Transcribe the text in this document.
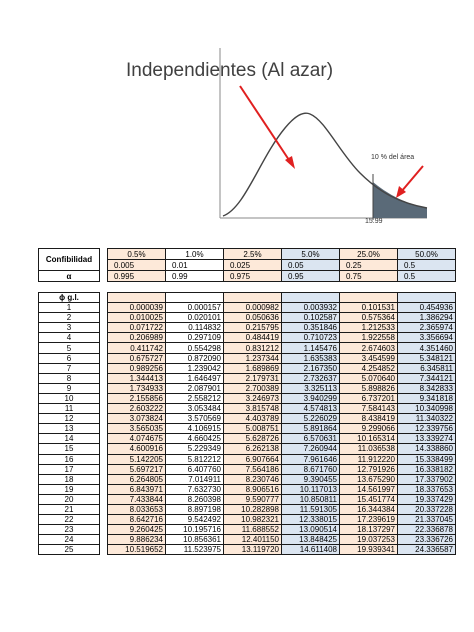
Independientes (Al azar)
10 % del área
15.99
Confibilidad		0.5%	1.0%	2.5%	5.0%	25.0%	50.0%
		0.005	0.01	0.025	0.05	0.25	0.5
α		0.995	0.99	0.975	0.95	0.75	0.5
ϕ g.l.							
1		0.000039	0.000157	0.000982	0.003932	0.101531	0.454936
2		0.010025	0.020101	0.050636	0.102587	0.575364	1.386294
3		0.071722	0.114832	0.215795	0.351846	1.212533	2.365974
4		0.206989	0.297109	0.484419	0.710723	1.922558	3.356694
5		0.411742	0.554298	0.831212	1.145476	2.674603	4.351460
6		0.675727	0.872090	1.237344	1.635383	3.454599	5.348121
7		0.989256	1.239042	1.689869	2.167350	4.254852	6.345811
8		1.344413	1.646497	2.179731	2.732637	5.070640	7.344121
9		1.734933	2.087901	2.700389	3.325113	5.898826	8.342833
10		2.155856	2.558212	3.246973	3.940299	6.737201	9.341818
11		2.603222	3.053484	3.815748	4.574813	7.584143	10.340998
12		3.073824	3.570569	4.403789	5.226029	8.438419	11.340322
13		3.565035	4.106915	5.008751	5.891864	9.299066	12.339756
14		4.074675	4.660425	5.628726	6.570631	10.165314	13.339274
15		4.600916	5.229349	6.262138	7.260944	11.036538	14.338860
16		5.142205	5.812212	6.907664	7.961646	11.912220	15.338499
17		5.697217	6.407760	7.564186	8.671760	12.791926	16.338182
18		6.264805	7.014911	8.230746	9.390455	13.675290	17.337902
19		6.843971	7.632730	8.906516	10.117013	14.561997	18.337653
20		7.433844	8.260398	9.590777	10.850811	15.451774	19.337429
21		8.033653	8.897198	10.282898	11.591305	16.344384	20.337228
22		8.642716	9.542492	10.982321	12.338015	17.239619	21.337045
23		9.260425	10.195716	11.688552	13.090514	18.137297	22.336878
24		9.886234	10.856361	12.401150	13.848425	19.037253	23.336726
25		10.519652	11.523975	13.119720	14.611408	19.939341	24.336587
